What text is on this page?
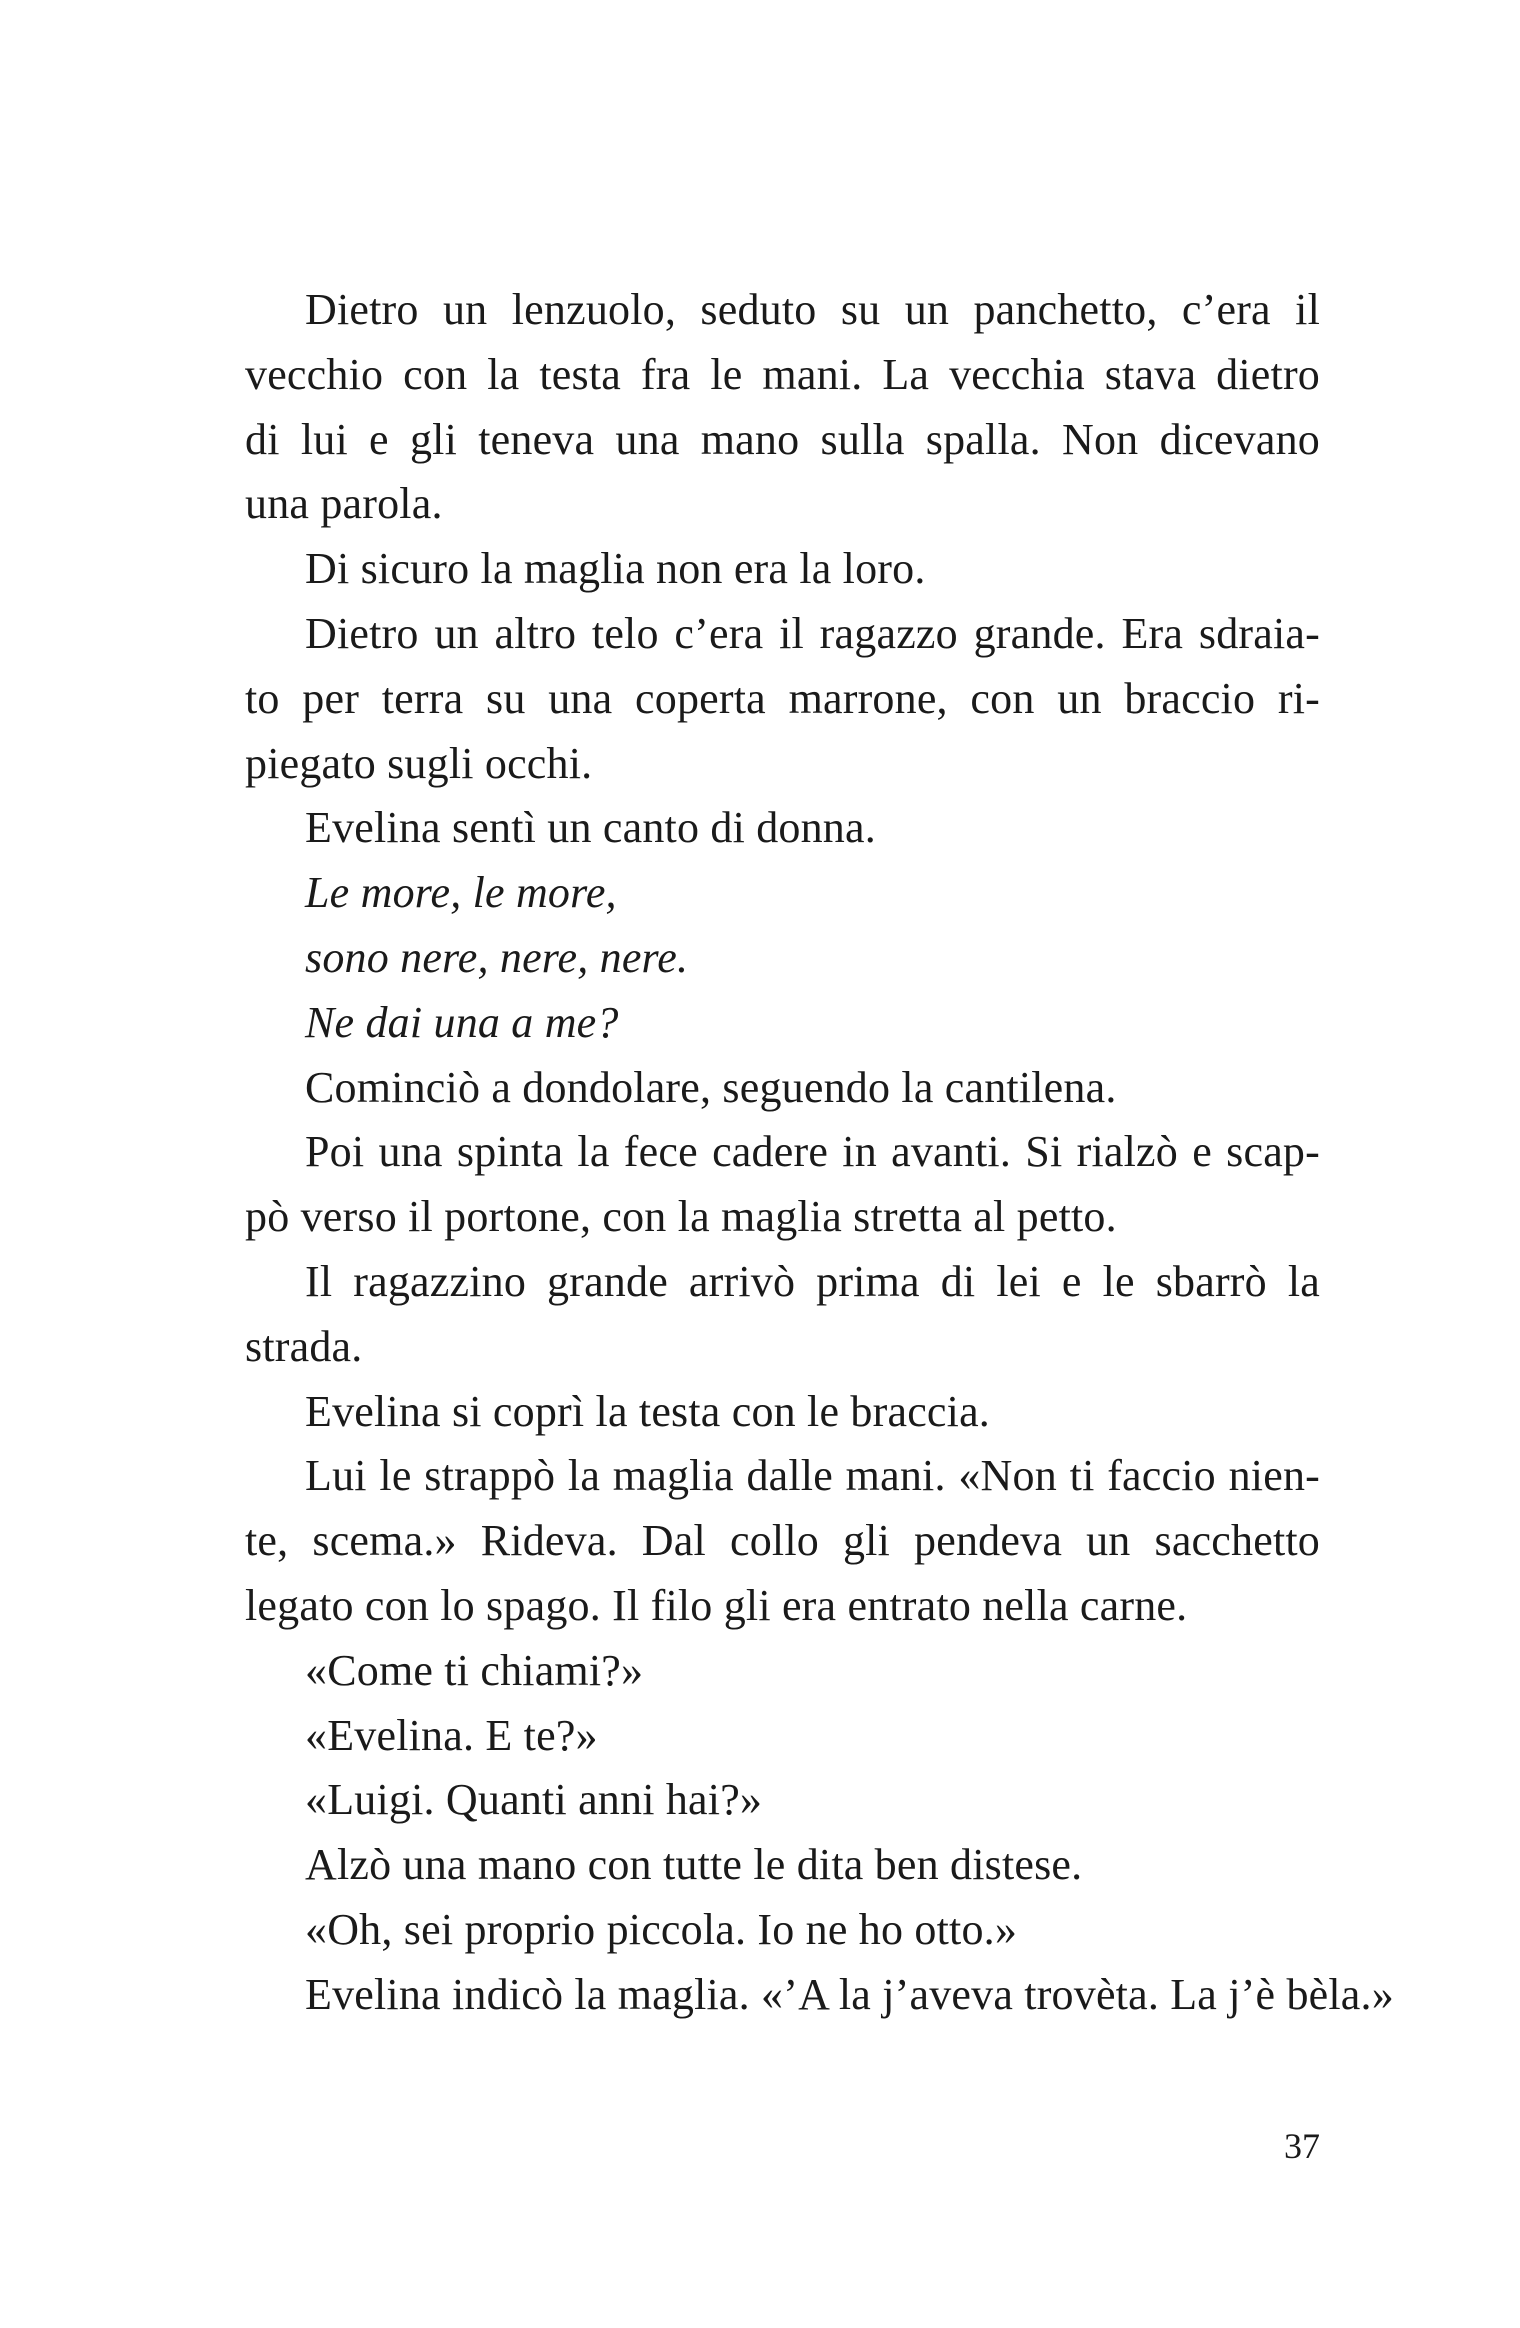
Dietro un lenzuolo, seduto su un panchetto, c’era il
vecchio con la testa fra le mani. La vecchia stava dietro
di lui e gli teneva una mano sulla spalla. Non dicevano
una parola.
Di sicuro la maglia non era la loro.
Dietro un altro telo c’era il ragazzo grande. Era sdraia-
to per terra su una coperta marrone, con un braccio ri-
piegato sugli occhi.
Evelina sentì un canto di donna.
Le more, le more,
sono nere, nere, nere.
Ne dai una a me?
Cominciò a dondolare, seguendo la cantilena.
Poi una spinta la fece cadere in avanti. Si rialzò e scap-
pò verso il portone, con la maglia stretta al petto.
Il ragazzino grande arrivò prima di lei e le sbarrò la
strada.
Evelina si coprì la testa con le braccia.
Lui le strappò la maglia dalle mani. «Non ti faccio nien-
te, scema.» Rideva. Dal collo gli pendeva un sacchetto
legato con lo spago. Il filo gli era entrato nella carne.
«Come ti chiami?»
«Evelina. E te?»
«Luigi. Quanti anni hai?»
Alzò una mano con tutte le dita ben distese.
«Oh, sei proprio piccola. Io ne ho otto.»
Evelina indicò la maglia. «’A la j’aveva trovèta. La j’è bèla.»
37
